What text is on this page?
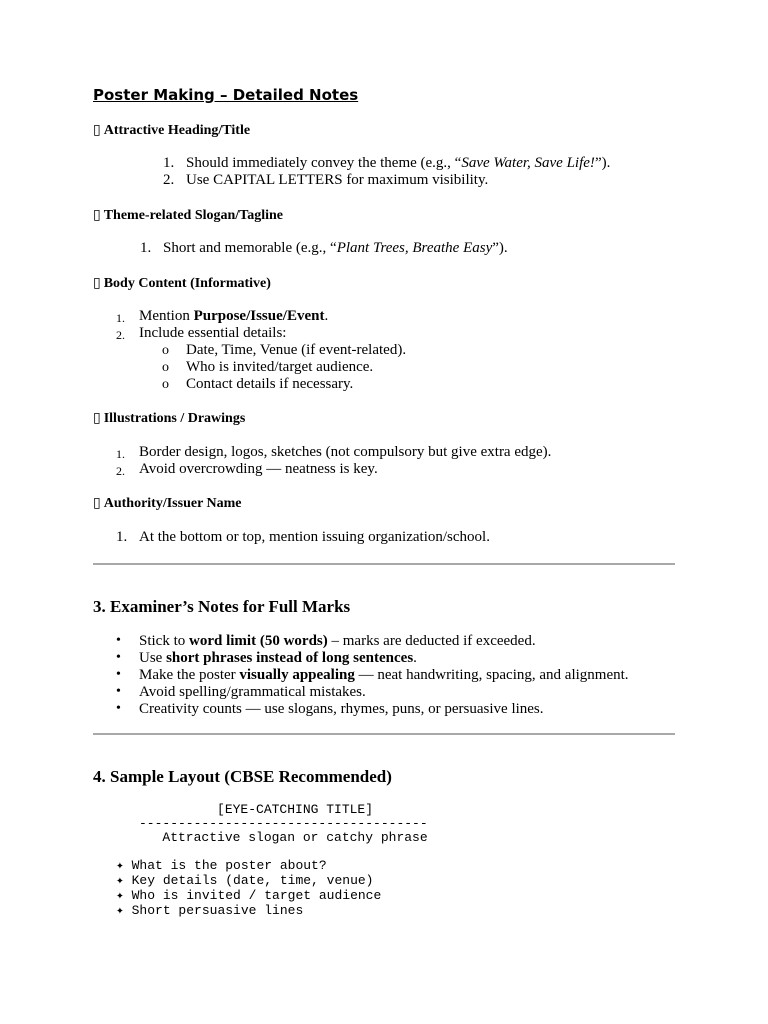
Poster Making – Detailed Notes
▯ Attractive Heading/Title
1. Should immediately convey the theme (e.g., “Save Water, Save Life!”).
2. Use CAPITAL LETTERS for maximum visibility.
▯ Theme-related Slogan/Tagline
1. Short and memorable (e.g., “Plant Trees, Breathe Easy”).
▯ Body Content (Informative)
1. Mention Purpose/Issue/Event.
2. Include essential details:
o Date, Time, Venue (if event-related).
o Who is invited/target audience.
o Contact details if necessary.
▯ Illustrations / Drawings
1. Border design, logos, sketches (not compulsory but give extra edge).
2. Avoid overcrowding — neatness is key.
▯ Authority/Issuer Name
1. At the bottom or top, mention issuing organization/school.
3. Examiner’s Notes for Full Marks
• Stick to word limit (50 words) – marks are deducted if exceeded.
• Use short phrases instead of long sentences.
• Make the poster visually appealing — neat handwriting, spacing, and alignment.
• Avoid spelling/grammatical mistakes.
• Creativity counts — use slogans, rhymes, puns, or persuasive lines.
4. Sample Layout (CBSE Recommended)
[EYE-CATCHING TITLE]
-------------------------------------
Attractive slogan or catchy phrase
✦ What is the poster about?
✦ Key details (date, time, venue)
✦ Who is invited / target audience
✦ Short persuasive lines
